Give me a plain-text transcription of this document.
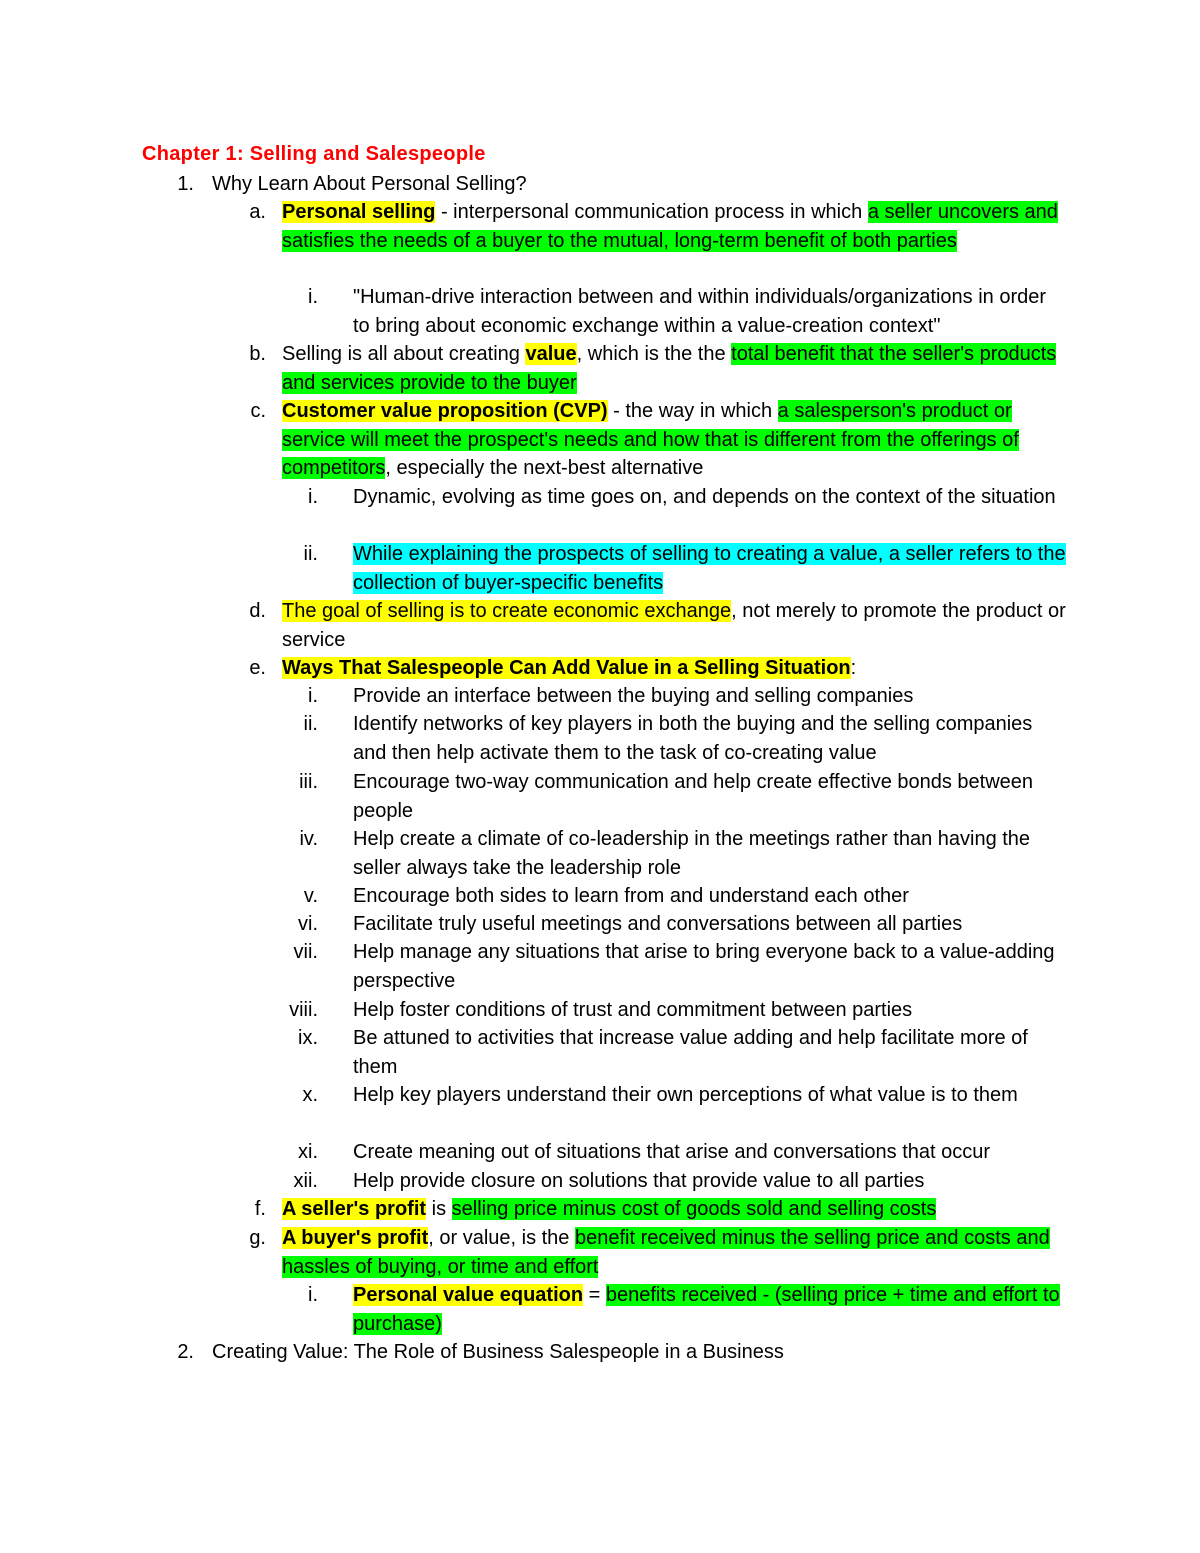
Chapter 1: Selling and Salespeople
1. Why Learn About Personal Selling?
a. Personal selling - interpersonal communication process in which a seller uncovers and satisfies the needs of a buyer to the mutual, long-term benefit of both parties
i. "Human-drive interaction between and within individuals/organizations in order to bring about economic exchange within a value-creation context"
b. Selling is all about creating value, which is the the total benefit that the seller's products and services provide to the buyer
c. Customer value proposition (CVP) - the way in which a salesperson's product or service will meet the prospect's needs and how that is different from the offerings of competitors, especially the next-best alternative
i. Dynamic, evolving as time goes on, and depends on the context of the situation
ii. While explaining the prospects of selling to creating a value, a seller refers to the collection of buyer-specific benefits
d. The goal of selling is to create economic exchange, not merely to promote the product or service
e. Ways That Salespeople Can Add Value in a Selling Situation:
i. Provide an interface between the buying and selling companies
ii. Identify networks of key players in both the buying and the selling companies and then help activate them to the task of co-creating value
iii. Encourage two-way communication and help create effective bonds between people
iv. Help create a climate of co-leadership in the meetings rather than having the seller always take the leadership role
v. Encourage both sides to learn from and understand each other
vi. Facilitate truly useful meetings and conversations between all parties
vii. Help manage any situations that arise to bring everyone back to a value-adding perspective
viii. Help foster conditions of trust and commitment between parties
ix. Be attuned to activities that increase value adding and help facilitate more of them
x. Help key players understand their own perceptions of what value is to them
xi. Create meaning out of situations that arise and conversations that occur
xii. Help provide closure on solutions that provide value to all parties
f. A seller's profit is selling price minus cost of goods sold and selling costs
g. A buyer's profit, or value, is the benefit received minus the selling price and costs and hassles of buying, or time and effort
i. Personal value equation = benefits received - (selling price + time and effort to purchase)
2. Creating Value: The Role of Business Salespeople in a Business
